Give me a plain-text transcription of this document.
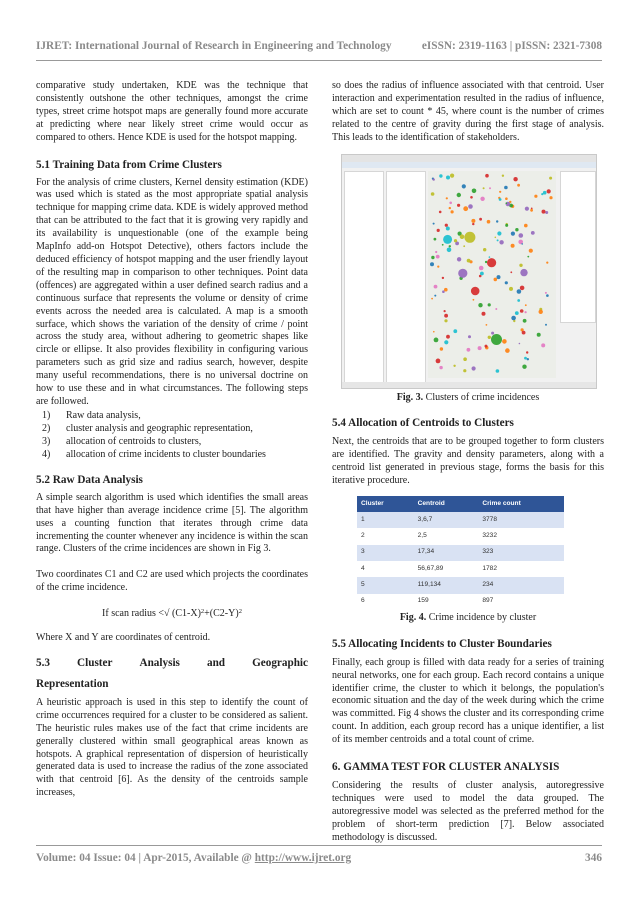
IJRET: International Journal of Research in Engineering and Technology	eISSN: 2319-1163 | pISSN: 2321-7308

comparative study undertaken, KDE was the technique that consistently outshone the other techniques, amongst the crime types, street crime hotspot maps are generally found more accurate at predicting where near likely street crime would occur as compared to others. Hence KDE is used for the hotspot mapping.

5.1 Training Data from Crime Clusters

For the analysis of crime clusters, Kernel density estimation (KDE) was used which is stated as the most appropriate spatial analysis technique for mapping crime data. KDE is widely approved method that can be attributed to the fact that it is growing very rapidly and its availability is unquestionable (one of the example being MapInfo add-on Hotspot Detective), others factors include the deduced efficiency of hotspot mapping and the user friendly layout of the resulting map in comparison to other techniques. Point data (offences) are aggregated within a user defined search radius and a continuous surface that represents the volume or density of crime events across the needed area is calculated. A map is a smooth surface, which shows the variation of the density of crime / point across the study area, without adhering to geometric shapes like circle or ellipse. It also provides flexibility in configuring various parameters such as grid size and radius search, however, despite many useful recommendations, there is no universal doctrine on how to use these and in what circumstances. The following steps are followed.

1)	Raw data analysis,
2)	cluster analysis and geographic representation,
3)	allocation of centroids to clusters,
4)	allocation of crime incidents to cluster boundaries
5.2 Raw Data Analysis

A simple search algorithm is used which identifies the small areas that have higher than average incidence crime [5]. The algorithm uses a counting function that iterates through crime data incrementing the counter whenever any incidence is within the scan range. Clusters of the crime incidences are shown in Fig 3.

Two coordinates C1 and C2 are used which projects the coordinates of the crime incidence.

If scan radius <√ $(C1-X)^2+(C2-Y)^2$

Where X and Y are coordinates of centroid.

5.3 Cluster Analysis and Geographic
Representation

A heuristic approach is used in this step to identify the count of crime occurrences required for a cluster to be considered as salient. The heuristic rules makes use of the fact that crime incidents are generally clustered within small geographical areas known as hotspots. A graphical representation of dispersion of heuristically generated data is used to increase the radius of the zone associated with that centroid [6]. As the density of the centroids sample increases,

so does the radius of influence associated with that centroid. User interaction and experimentation resulted in the radius of influence, which are set to count * 45, where count is the number of crimes related to the centre of gravity during the first stage of analysis. This leads to the identification of stakeholders.

Fig. 3. Clusters of crime incidences
5.4 Allocation of Centroids to Clusters

Next, the centroids that are to be grouped together to form clusters are identified. The gravity and density parameters, along with a centroid list generated in previous stage, forms the basis for this iterative procedure.

Cluster	Centroid	Crime count
1	3,6,7	3778
2	2,5	3232
3	17,34	323
4	56,67,89	1782
5	119,134	234
6	159	897
Fig. 4. Crime incidence by cluster
5.5 Allocating Incidents to Cluster Boundaries

Finally, each group is filled with data ready for a series of training neural networks, one for each group. Each record contains a unique identifier crime, the cluster to which it belongs, the population's economic situation and the day of the week during which the crime was committed. Fig 4 shows the cluster and its corresponding crime count. In addition, each group record has a unique identifier, a list of its member centroids and a total count of crime.

6. GAMMA TEST FOR CLUSTER ANALYSIS

Considering the results of cluster analysis, autoregressive techniques were used to model the data grouped. The autoregressive model was selected as the preferred method for the problem of short-term prediction [7]. Below associated methodology is discussed.

Volume: 04 Issue: 04 | Apr-2015, Available @ http://www.ijret.org	346
